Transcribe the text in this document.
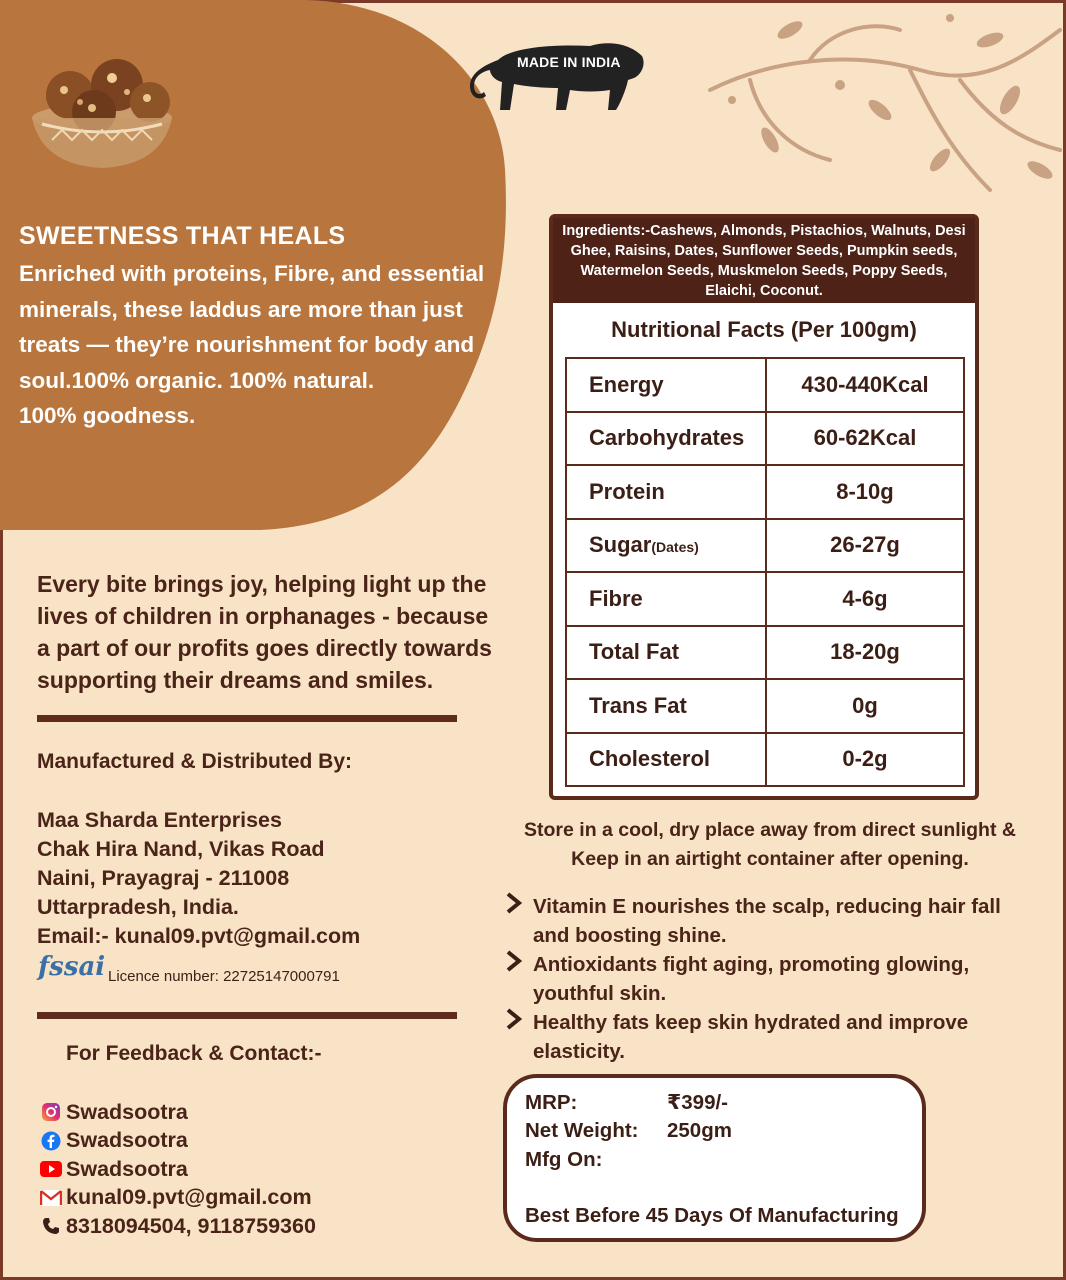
MADE IN INDIA
SWEETNESS THAT HEALS
Enriched with proteins, Fibre, and essential
minerals, these laddus are more than just
treats — they’re nourishment for body and
soul.100% organic. 100% natural.
100% goodness.
Every bite brings joy, helping light up the
lives of children in orphanages - because
a part of our profits goes directly towards
supporting their dreams and smiles.
Manufactured & Distributed By:
Maa Sharda Enterprises
Chak Hira Nand, Vikas Road
Naini, Prayagraj - 211008
Uttarpradesh, India.
Email:- kunal09.pvt@gmail.com
fssai Licence number: 22725147000791
For Feedback & Contact:-
Swadsootra
Swadsootra
Swadsootra
kunal09.pvt@gmail.com
8318094504, 9118759360
Ingredients:-Cashews, Almonds, Pistachios, Walnuts, Desi Ghee, Raisins, Dates, Sunflower Seeds, Pumpkin seeds, Watermelon Seeds, Muskmelon Seeds, Poppy Seeds, Elaichi, Coconut.
Nutritional Facts (Per 100gm)
Energy	430-440Kcal
Carbohydrates	60-62Kcal
Protein	8-10g
Sugar(Dates)	26-27g
Fibre	4-6g
Total Fat	18-20g
Trans Fat	0g
Cholesterol	0-2g
Store in a cool, dry place away from direct sunlight &
Keep in an airtight container after opening.
Vitamin E nourishes the scalp, reducing hair fall
and boosting shine.
Antioxidants fight aging, promoting glowing,
youthful skin.
Healthy fats keep skin hydrated and improve
elasticity.
MRP:	₹399/-
Net Weight: 250gm
Mfg On:
Best Before 45 Days Of Manufacturing
